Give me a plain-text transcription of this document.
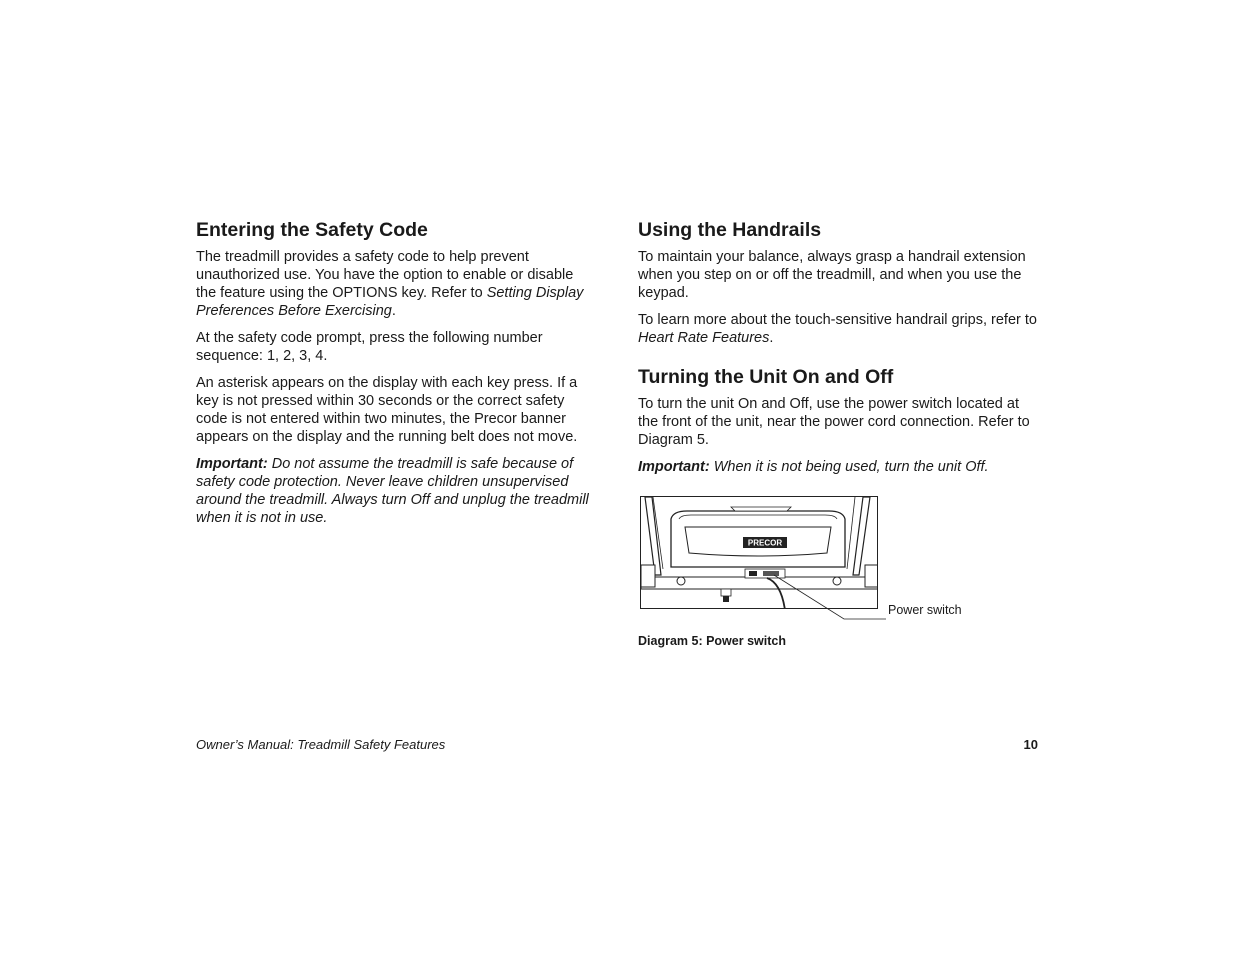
Entering the Safety Code

The treadmill provides a safety code to help prevent unauthorized use. You have the option to enable or disable the feature using the OPTIONS key. Refer to Setting Display Preferences Before Exercising.

At the safety code prompt, press the following number sequence: 1, 2, 3, 4.

An asterisk appears on the display with each key press. If a key is not pressed within 30 seconds or the correct safety code is not entered within two minutes, the Precor banner appears on the display and the running belt does not move.

Important: Do not assume the treadmill is safe because of safety code protection. Never leave children unsupervised around the treadmill. Always turn Off and unplug the treadmill when it is not in use.

Using the Handrails

To maintain your balance, always grasp a handrail extension when you step on or off the treadmill, and when you use the keypad.

To learn more about the touch-sensitive handrail grips, refer to Heart Rate Features.

Turning the Unit On and Off

To turn the unit On and Off, use the power switch located at the front of the unit, near the power cord connection. Refer to Diagram 5.

Important: When it is not being used, turn the unit Off.

PRECOR
Power switch
Diagram 5: Power switch
Owner’s Manual: Treadmill Safety Features	10
